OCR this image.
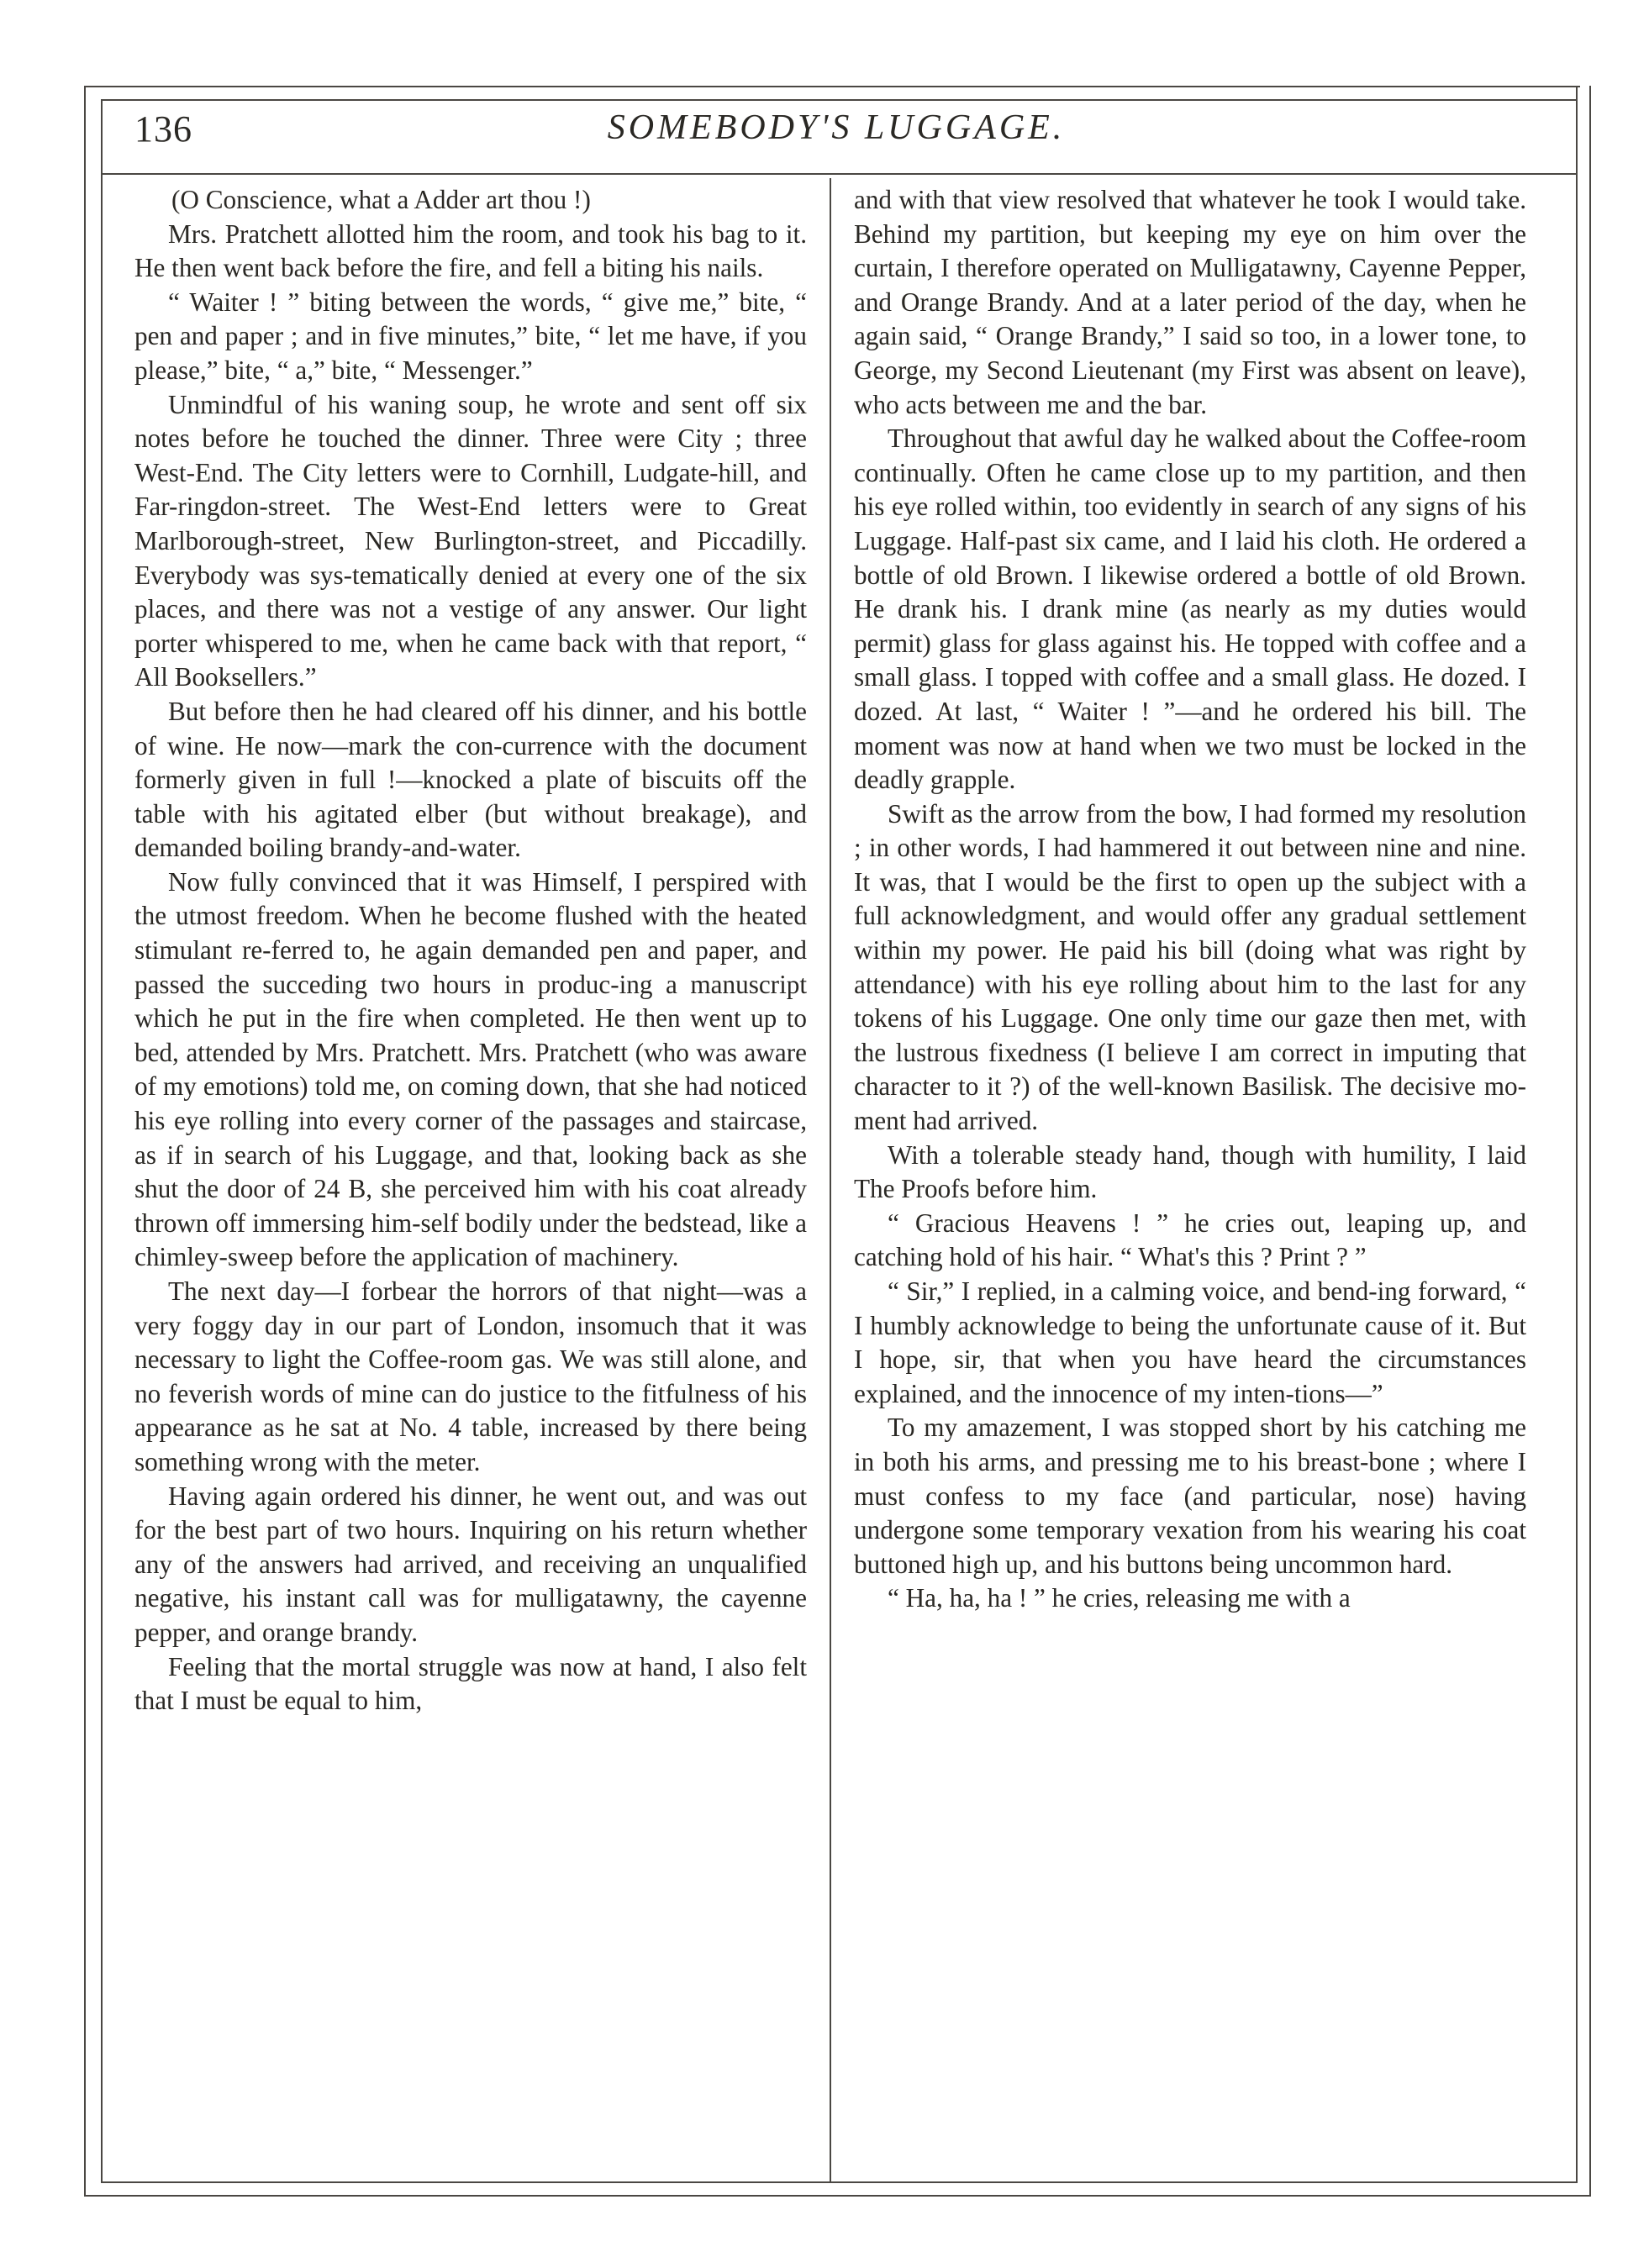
136	SOMEBODY'S LUGGAGE.

(O Conscience, what a Adder art thou !)

Mrs. Pratchett allotted him the room, and took his bag to it. He then went back before the fire, and fell a biting his nails.

“ Waiter ! ” biting between the words, “ give me,” bite, “ pen and paper ; and in five minutes,” bite, “ let me have, if you please,” bite, “ a,” bite, “ Messenger.”

Unmindful of his waning soup, he wrote and sent off six notes before he touched the dinner. Three were City ; three West-End. The City letters were to Cornhill, Ludgate-hill, and Far-ringdon-street. The West-End letters were to Great Marlborough-street, New Burlington-street, and Piccadilly. Everybody was sys-tematically denied at every one of the six places, and there was not a vestige of any answer. Our light porter whispered to me, when he came back with that report, “ All Booksellers.”

But before then he had cleared off his dinner, and his bottle of wine. He now—mark the con-currence with the document formerly given in full !—knocked a plate of biscuits off the table with his agitated elber (but without breakage), and demanded boiling brandy-and-water.

Now fully convinced that it was Himself, I perspired with the utmost freedom. When he become flushed with the heated stimulant re-ferred to, he again demanded pen and paper, and passed the succeding two hours in produc-ing a manuscript which he put in the fire when completed. He then went up to bed, attended by Mrs. Pratchett. Mrs. Pratchett (who was aware of my emotions) told me, on coming down, that she had noticed his eye rolling into every corner of the passages and staircase, as if in search of his Luggage, and that, looking back as she shut the door of 24 B, she perceived him with his coat already thrown off immersing him-self bodily under the bedstead, like a chimley-sweep before the application of machinery.

The next day—I forbear the horrors of that night—was a very foggy day in our part of London, insomuch that it was necessary to light the Coffee-room gas. We was still alone, and no feverish words of mine can do justice to the fitfulness of his appearance as he sat at No. 4 table, increased by there being something wrong with the meter.

Having again ordered his dinner, he went out, and was out for the best part of two hours. Inquiring on his return whether any of the answers had arrived, and receiving an unqualified negative, his instant call was for mulligatawny, the cayenne pepper, and orange brandy.

Feeling that the mortal struggle was now at hand, I also felt that I must be equal to him,

and with that view resolved that whatever he took I would take. Behind my partition, but keeping my eye on him over the curtain, I therefore operated on Mulligatawny, Cayenne Pepper, and Orange Brandy. And at a later period of the day, when he again said, “ Orange Brandy,” I said so too, in a lower tone, to George, my Second Lieutenant (my First was absent on leave), who acts between me and the bar.

Throughout that awful day he walked about the Coffee-room continually. Often he came close up to my partition, and then his eye rolled within, too evidently in search of any signs of his Luggage. Half-past six came, and I laid his cloth. He ordered a bottle of old Brown. I likewise ordered a bottle of old Brown. He drank his. I drank mine (as nearly as my duties would permit) glass for glass against his. He topped with coffee and a small glass. I topped with coffee and a small glass. He dozed. I dozed. At last, “ Waiter ! ”—and he ordered his bill. The moment was now at hand when we two must be locked in the deadly grapple.

Swift as the arrow from the bow, I had formed my resolution ; in other words, I had hammered it out between nine and nine. It was, that I would be the first to open up the subject with a full acknowledgment, and would offer any gradual settlement within my power. He paid his bill (doing what was right by attendance) with his eye rolling about him to the last for any tokens of his Luggage. One only time our gaze then met, with the lustrous fixedness (I believe I am correct in imputing that character to it ?) of the well-known Basilisk. The decisive mo-ment had arrived.

With a tolerable steady hand, though with humility, I laid The Proofs before him.

“ Gracious Heavens ! ” he cries out, leaping up, and catching hold of his hair. “ What's this ? Print ? ”

“ Sir,” I replied, in a calming voice, and bend-ing forward, “ I humbly acknowledge to being the unfortunate cause of it. But I hope, sir, that when you have heard the circumstances explained, and the innocence of my inten-tions—”

To my amazement, I was stopped short by his catching me in both his arms, and pressing me to his breast-bone ; where I must confess to my face (and particular, nose) having undergone some temporary vexation from his wearing his coat buttoned high up, and his buttons being uncommon hard.

“ Ha, ha, ha ! ” he cries, releasing me with a
